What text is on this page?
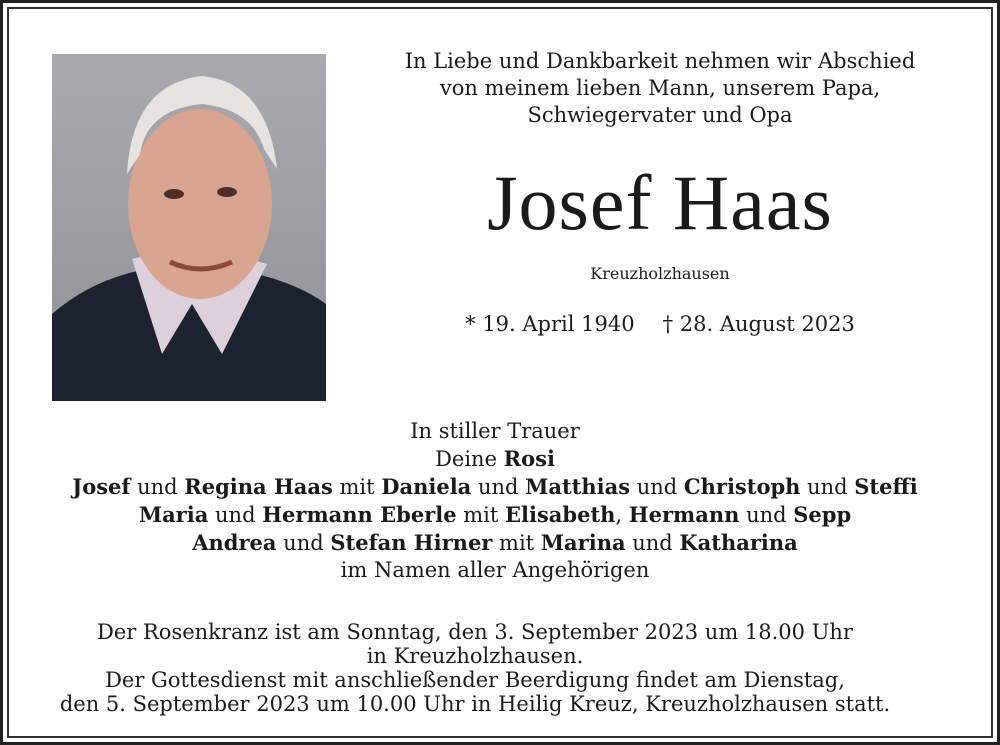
In Liebe und Dankbarkeit nehmen wir Abschied
von meinem lieben Mann, unserem Papa,
Schwiegervater und Opa
Josef Haas
Kreuzholzhausen
* 19. April 1940 † 28. August 2023
In stiller Trauer
Deine Rosi
Josef und Regina Haas mit Daniela und Matthias und Christoph und Steffi
Maria und Hermann Eberle mit Elisabeth, Hermann und Sepp
Andrea und Stefan Hirner mit Marina und Katharina
im Namen aller Angehörigen
Der Rosenkranz ist am Sonntag, den 3. September 2023 um 18.00 Uhr
in Kreuzholzhausen.
Der Gottesdienst mit anschließender Beerdigung findet am Dienstag,
den 5. September 2023 um 10.00 Uhr in Heilig Kreuz, Kreuzholzhausen statt.
